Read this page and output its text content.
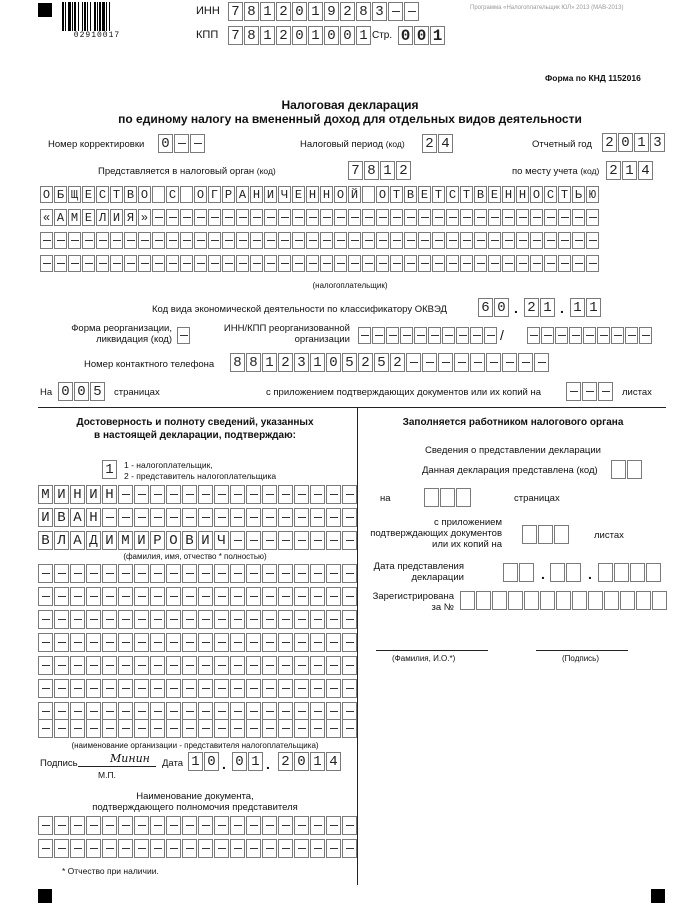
02910017
Программа «Налогоплательщик ЮЛ» 2013 (MAB-2013)
ИНН 7 8 1 2 0 1 9 2 8 3
КПП 7 8 1 2 0 1 0 0 1 Стр. 0 0 1
Форма по КНД 1152016
Налоговая декларация
по единому налогу на вмененный доход для отдельных видов деятельности
Номер корректировки 0	Налоговый период (код) 2 4	Отчетный год 2 0 1 3
Представляется в налоговый орган (код)	7 8 1 2	по месту учета (код) 2 1 4
О Б Щ Е С Т В О С О Г Р А Н И Ч Е Н Н О Й О Т В Е Т С Т В Е Н Н О С Т Ь Ю
« А М Е Л И Я »
(налогоплательщик)
Код вида экономической деятельности по классификатору ОКВЭД 6 0 . 2 1 . 1 1
Форма реорганизации,
ликвидация (код)
ИНН/КПП реорганизованной
организации	/
Номер контактного телефона 8 8 1 2 3 1 0 5 2 5 2
На 0 0 5	страницах	с приложением подтверждающих документов или их копий на	листах
Достоверность и полноту сведений, указанных
в настоящей декларации, подтверждаю:
1	1 - налогоплательщик,
2 - представитель налогоплательщика
М И Н И Н
И В А Н
В Л А Д И М И Р О В И Ч
(фамилия, имя, отчество * полностью)
(наименование организации - представителя налогоплательщика)
Подпись	Минин
М.П.
Дата 1 0 . 0 1 . 2 0 1 4
Наименование документа,
подтверждающего полномочия представителя
* Отчество при наличии.
Заполняется работником налогового органа
Сведения о представлении декларации
Данная декларация представлена (код)
на	страницах
с приложением
подтверждающих документов
или их копий на
листах
Дата представления
декларации	.	.
Зарегистрирована
за №
(Фамилия, И.О.*)	(Подпись)
